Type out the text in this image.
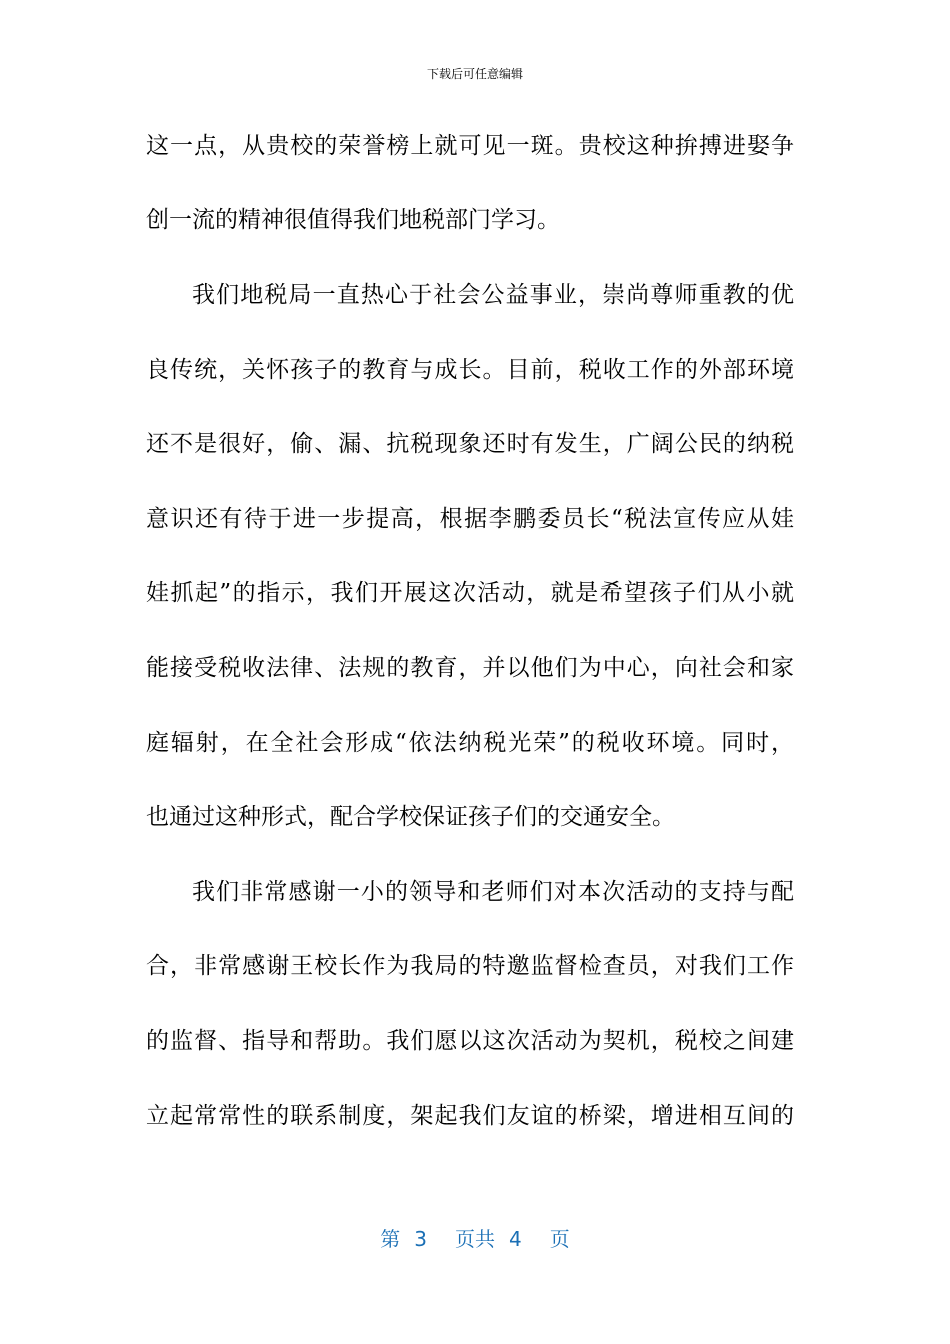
下载后可任意编辑
这一点，从贵校的荣誉榜上就可见一斑。贵校这种拚搏进娶争
创一流的精神很值得我们地税部门学习。
我们地税局一直热心于社会公益事业，崇尚尊师重教的优
良传统，关怀孩子的教育与成长。目前，税收工作的外部环境
还不是很好，偷、漏、抗税现象还时有发生，广阔公民的纳税
意识还有待于进一步提高，根据李鹏委员长“税法宣传应从娃
娃抓起”的指示，我们开展这次活动，就是希望孩子们从小就
能接受税收法律、法规的教育，并以他们为中心，向社会和家
庭辐射，在全社会形成“依法纳税光荣”的税收环境。同时，
也通过这种形式，配合学校保证孩子们的交通安全。
我们非常感谢一小的领导和老师们对本次活动的支持与配
合，非常感谢王校长作为我局的特邀监督检查员，对我们工作
的监督、指导和帮助。我们愿以这次活动为契机，税校之间建
立起常常性的联系制度，架起我们友谊的桥梁，增进相互间的
第 3 页共 4 页
